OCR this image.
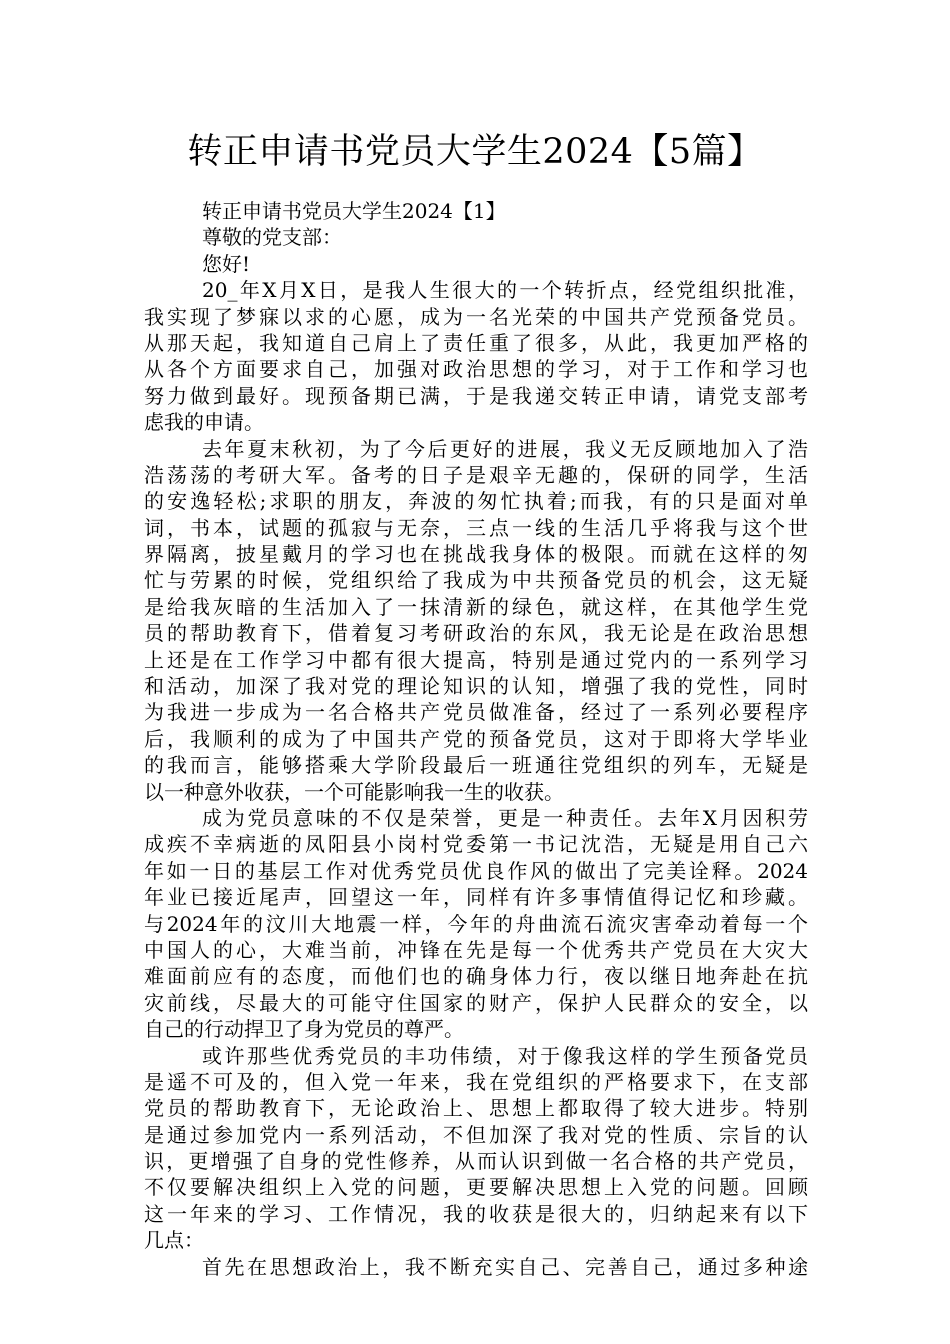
转正申请书党员大学生2024【5篇】
转正申请书党员大学生2024【1】
尊敬的党支部：
您好!
20_年X月X日，是我人生很大的一个转折点，经党组织批准，
我实现了梦寐以求的心愿，成为一名光荣的中国共产党预备党员。
从那天起，我知道自己肩上了责任重了很多，从此，我更加严格的
从各个方面要求自己，加强对政治思想的学习，对于工作和学习也
努力做到最好。现预备期已满，于是我递交转正申请，请党支部考
虑我的申请。
去年夏末秋初，为了今后更好的进展，我义无反顾地加入了浩
浩荡荡的考研大军。备考的日子是艰辛无趣的，保研的同学，生活
的安逸轻松;求职的朋友，奔波的匆忙执着;而我，有的只是面对单
词，书本，试题的孤寂与无奈，三点一线的生活几乎将我与这个世
界隔离，披星戴月的学习也在挑战我身体的极限。而就在这样的匆
忙与劳累的时候，党组织给了我成为中共预备党员的机会，这无疑
是给我灰暗的生活加入了一抹清新的绿色，就这样，在其他学生党
员的帮助教育下，借着复习考研政治的东风，我无论是在政治思想
上还是在工作学习中都有很大提高，特别是通过党内的一系列学习
和活动，加深了我对党的理论知识的认知，增强了我的党性，同时
为我进一步成为一名合格共产党员做准备，经过了一系列必要程序
后，我顺利的成为了中国共产党的预备党员，这对于即将大学毕业
的我而言，能够搭乘大学阶段最后一班通往党组织的列车，无疑是
以一种意外收获，一个可能影响我一生的收获。
成为党员意味的不仅是荣誉，更是一种责任。去年X月因积劳
成疾不幸病逝的凤阳县小岗村党委第一书记沈浩，无疑是用自己六
年如一日的基层工作对优秀党员优良作风的做出了完美诠释。2024
年业已接近尾声，回望这一年，同样有许多事情值得记忆和珍藏。
与2024年的汶川大地震一样，今年的舟曲流石流灾害牵动着每一个
中国人的心，大难当前，冲锋在先是每一个优秀共产党员在大灾大
难面前应有的态度，而他们也的确身体力行，夜以继日地奔赴在抗
灾前线，尽最大的可能守住国家的财产，保护人民群众的安全，以
自己的行动捍卫了身为党员的尊严。
或许那些优秀党员的丰功伟绩，对于像我这样的学生预备党员
是遥不可及的，但入党一年来，我在党组织的严格要求下，在支部
党员的帮助教育下，无论政治上、思想上都取得了较大进步。特别
是通过参加党内一系列活动，不但加深了我对党的性质、宗旨的认
识，更增强了自身的党性修养，从而认识到做一名合格的共产党员，
不仅要解决组织上入党的问题，更要解决思想上入党的问题。回顾
这一年来的学习、工作情况，我的收获是很大的，归纳起来有以下
几点：
首先在思想政治上，我不断充实自己、完善自己，通过多种途
